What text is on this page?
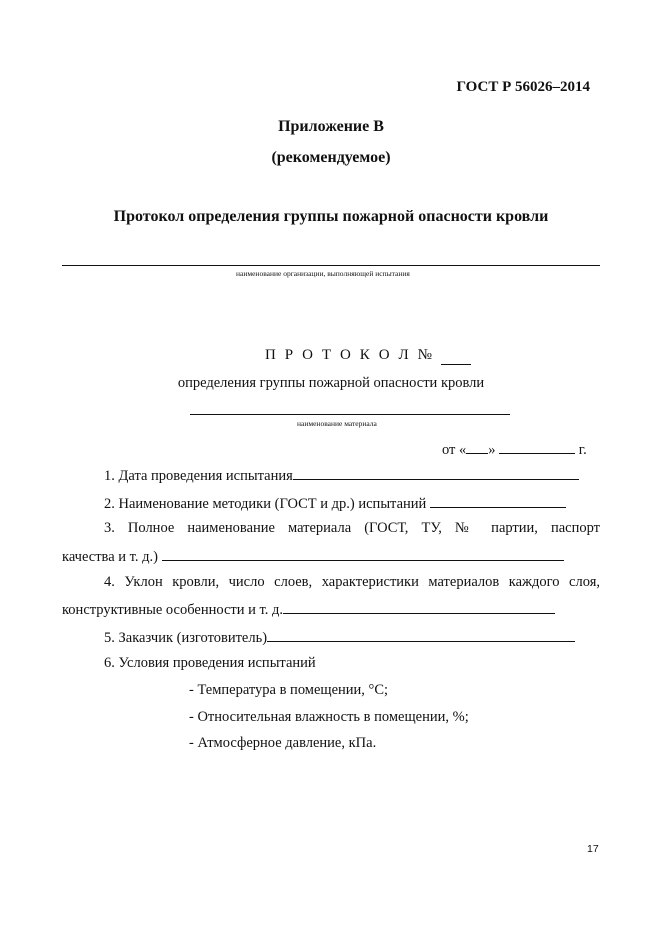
ГОСТ Р 56026–2014
Приложение В
(рекомендуемое)
Протокол определения группы пожарной опасности кровли
наименование организации, выполняющей испытания
П Р О Т О К О Л №
определения группы пожарной опасности кровли
наименование материала
от « »	г.
1. Дата проведения испытания
2. Наименование методики (ГОСТ и др.) испытаний
3. Полное наименование материала (ГОСТ, ТУ, № партии, паспорт
качества и т. д.)
4. Уклон кровли, число слоев, характеристики материалов каждого слоя,
конструктивные особенности и т. д.
5. Заказчик (изготовитель)
6. Условия проведения испытаний
- Температура в помещении, °С;
- Относительная влажность в помещении, %;
- Атмосферное давление, кПа.
17
